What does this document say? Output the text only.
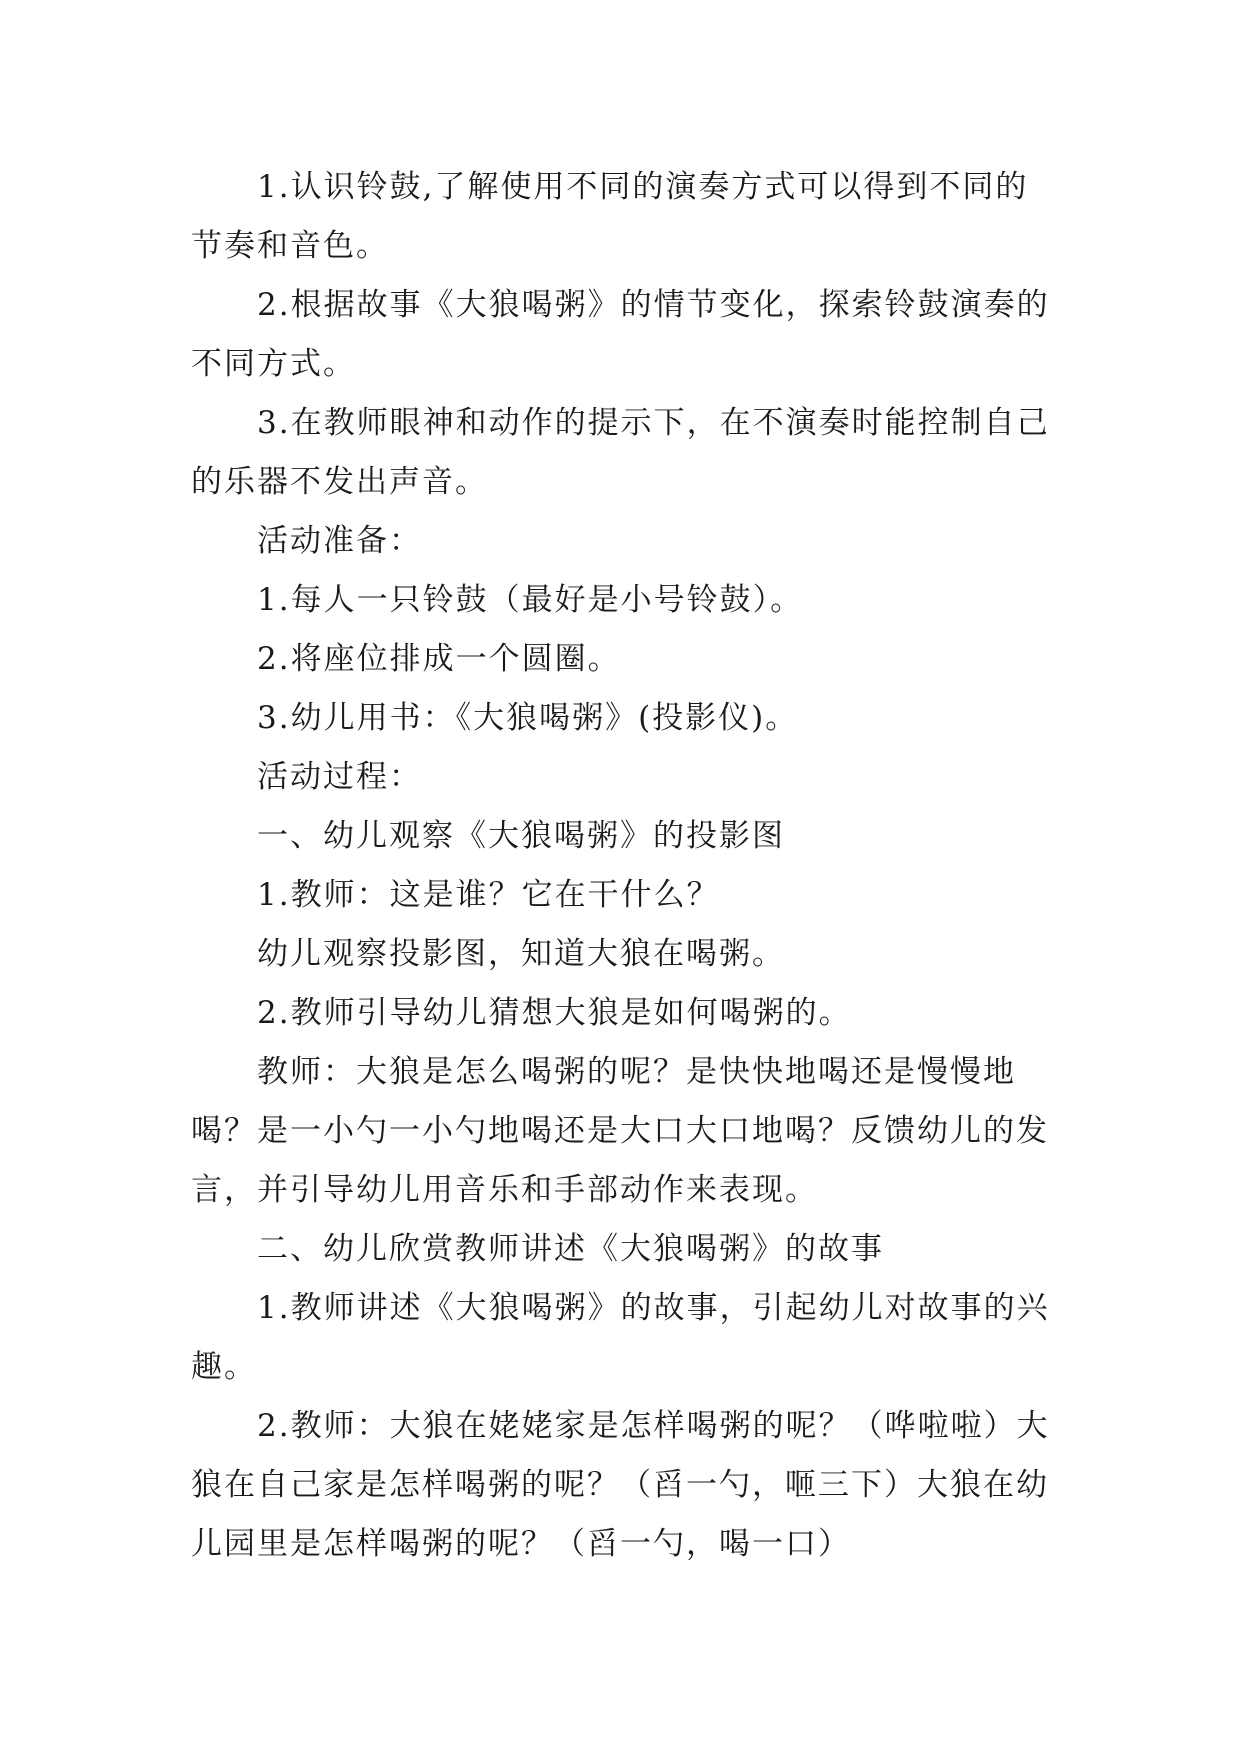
1.认识铃鼓,了解使用不同的演奏方式可以得到不同的节奏和音色。

2.根据故事《大狼喝粥》的情节变化，探索铃鼓演奏的不同方式。

3.在教师眼神和动作的提示下，在不演奏时能控制自己的乐器不发出声音。

活动准备：

1.每人一只铃鼓（最好是小号铃鼓）。

2.将座位排成一个圆圈。

3.幼儿用书：《大狼喝粥》(投影仪)。

活动过程：

一、幼儿观察《大狼喝粥》的投影图

1.教师：这是谁？它在干什么？

幼儿观察投影图，知道大狼在喝粥。

2.教师引导幼儿猜想大狼是如何喝粥的。

教师：大狼是怎么喝粥的呢？是快快地喝还是慢慢地喝？是一小勺一小勺地喝还是大口大口地喝？反馈幼儿的发言，并引导幼儿用音乐和手部动作来表现。

二、幼儿欣赏教师讲述《大狼喝粥》的故事

1.教师讲述《大狼喝粥》的故事，引起幼儿对故事的兴趣。

2.教师：大狼在姥姥家是怎样喝粥的呢？（哗啦啦）大狼在自己家是怎样喝粥的呢？（舀一勺，咂三下）大狼在幼儿园里是怎样喝粥的呢？（舀一勺，喝一口）
